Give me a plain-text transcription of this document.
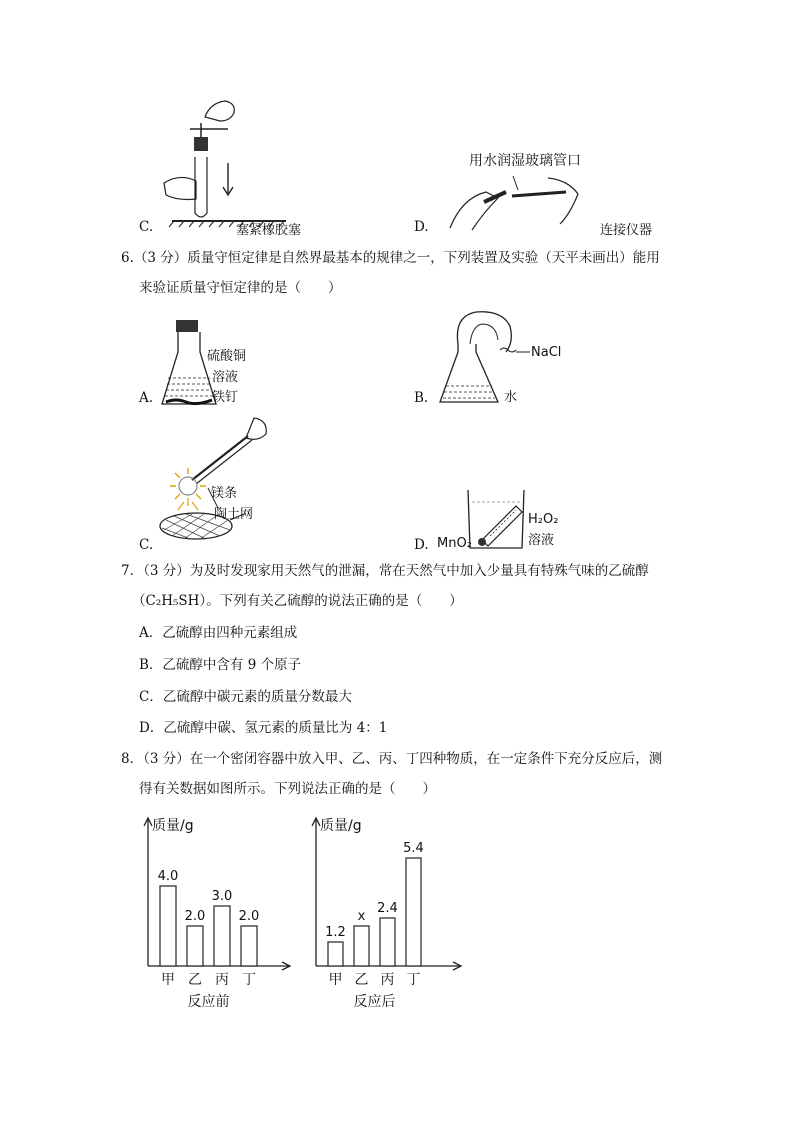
C.	塞紧橡胶塞
用水润湿玻璃管口
D.	连接仪器
6.（3 分）质量守恒定律是自然界最基本的规律之一，下列装置及实验（天平未画出）能用
来验证质量守恒定律的是（　　）
硫酸铜
溶液
铁钉
A.
NaCl
水
B.
镁条
陶土网
C.
H₂O₂
溶液
MnO₂
D.
7．（3 分）为及时发现家用天然气的泄漏，常在天然气中加入少量具有特殊气味的乙硫醇
（C₂H₅SH）。下列有关乙硫醇的说法正确的是（　　）
A．乙硫醇由四种元素组成
B．乙硫醇中含有 9 个原子
C．乙硫醇中碳元素的质量分数最大
D．乙硫醇中碳、氢元素的质量比为 4：1
8．（3 分）在一个密闭容器中放入甲、乙、丙、丁四种物质，在一定条件下充分反应后，测
得有关数据如图所示。下列说法正确的是（　　）
质量/g
4.0
甲
2.0
乙
3.0
丙
2.0
丁
反应前
质量/g
1.2
甲
x
乙
2.4
丙
5.4
丁
反应后
